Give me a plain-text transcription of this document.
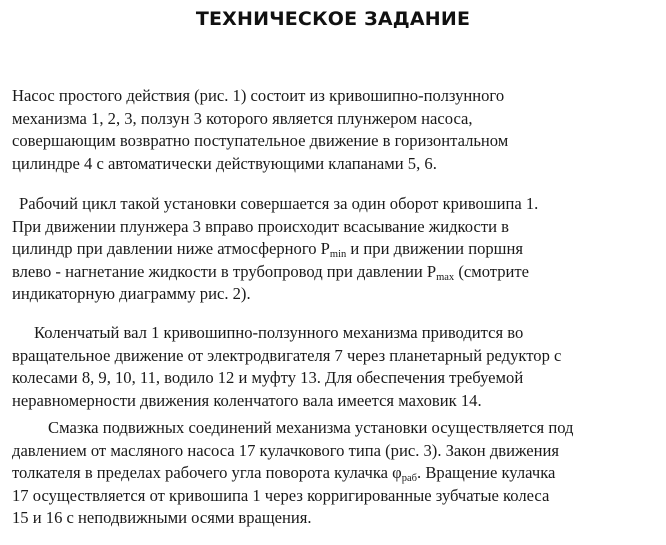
ТЕХНИЧЕСКОЕ ЗАДАНИЕ

Насос простого действия (рис. 1) состоит из кривошипно-ползунного
механизма 1, 2, 3, ползун 3 которого является плунжером насоса,
совершающим возвратно поступательное движение в горизонтальном
цилиндре 4 с автоматически действующими клапанами 5, 6.

Рабочий цикл такой установки совершается за один оборот кривошипа 1.
При движении плунжера 3 вправо происходит всасывание жидкости в
цилиндр при давлении ниже атмосферного $P_{min}$ и при движении поршня
влево - нагнетание жидкости в трубопровод при давлении $P_{max}$ (смотрите
индикаторную диаграмму рис. 2).

Коленчатый вал 1 кривошипно-ползунного механизма приводится во
вращательное движение от электродвигателя 7 через планетарный редуктор с
колесами 8, 9, 10, 11, водило 12 и муфту 13. Для обеспечения требуемой
неравномерности движения коленчатого вала имеется маховик 14.

Смазка подвижных соединений механизма установки осуществляется под
давлением от масляного насоса 17 кулачкового типа (рис. 3). Закон движения
толкателя в пределах рабочего угла поворота кулачка $\varphi_{раб}$. Вращение кулачка
17 осуществляется от кривошипа 1 через корригированные зубчатые колеса
15 и 16 с неподвижными осями вращения.
